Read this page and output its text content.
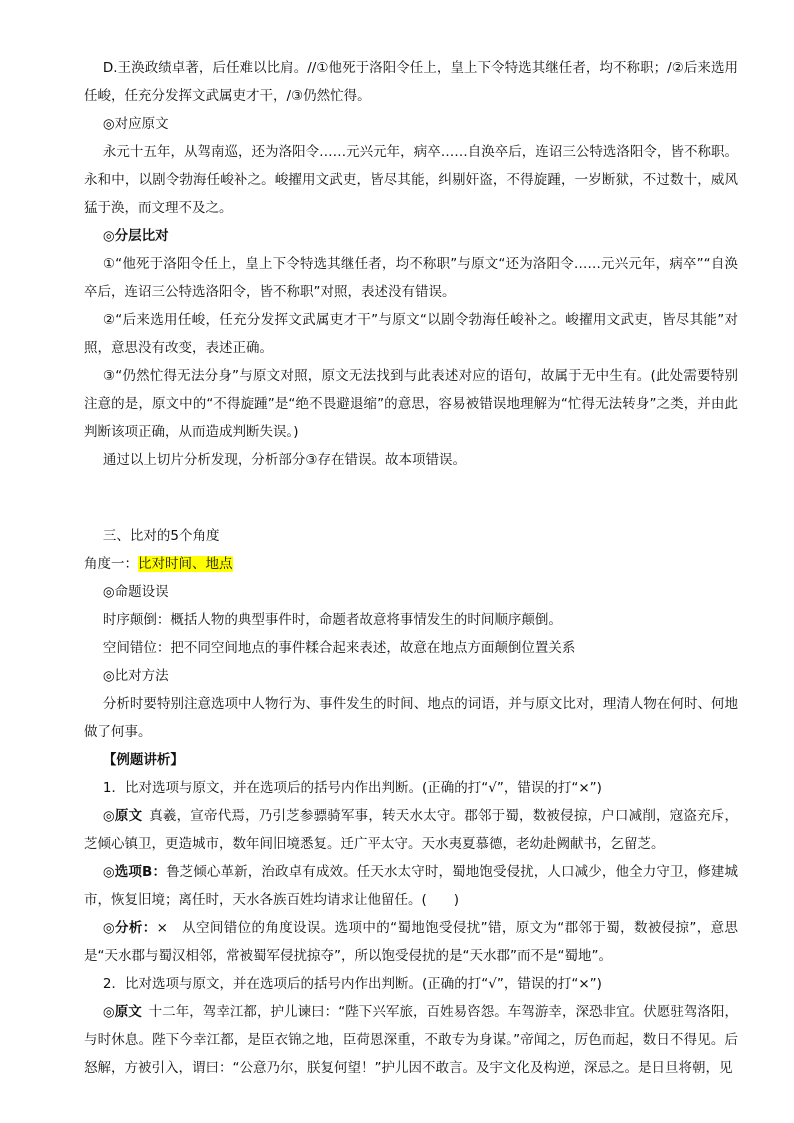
D.王涣政绩卓著，后任难以比肩。//①他死于洛阳令任上，皇上下令特选其继任者，均不称职；/②后来选用任峻，任充分发挥文武属吏才干，/③仍然忙得。

◎对应原文

永元十五年，从驾南巡，还为洛阳令……元兴元年，病卒……自涣卒后，连诏三公特选洛阳令，皆不称职。永和中，以剧令勃海任峻补之。峻擢用文武吏，皆尽其能，纠剔奸盗，不得旋踵，一岁断狱，不过数十，威风猛于涣，而文理不及之。

◎分层比对

①“他死于洛阳令任上，皇上下令特选其继任者，均不称职”与原文“还为洛阳令……元兴元年，病卒”“自涣卒后，连诏三公特选洛阳令，皆不称职”对照，表述没有错误。

②“后来选用任峻，任充分发挥文武属吏才干”与原文“以剧令勃海任峻补之。峻擢用文武吏，皆尽其能”对照，意思没有改变，表述正确。

③“仍然忙得无法分身”与原文对照，原文无法找到与此表述对应的语句，故属于无中生有。(此处需要特别注意的是，原文中的“不得旋踵”是“绝不畏避退缩”的意思，容易被错误地理解为“忙得无法转身”之类，并由此判断该项正确，从而造成判断失误。)

通过以上切片分析发现，分析部分③存在错误。故本项错误。

三、比对的5个角度

角度一：比对时间、地点

◎命题设误

时序颠倒：概括人物的典型事件时，命题者故意将事情发生的时间顺序颠倒。

空间错位：把不同空间地点的事件糅合起来表述，故意在地点方面颠倒位置关系

◎比对方法

分析时要特别注意选项中人物行为、事件发生的时间、地点的词语，并与原文比对，理清人物在何时、何地做了何事。

【例题讲析】

1．比对选项与原文，并在选项后的括号内作出判断。(正确的打“√”，错误的打“×”)

◎原文  真羲，宣帝代焉，乃引芝参骠骑军事，转天水太守。郡邻于蜀，数被侵掠，户口减削，寇盗充斥，芝倾心镇卫，更造城市，数年间旧境悉复。迁广平太守。天水夷夏慕德，老幼赴阙献书，乞留芝。

◎选项B：鲁芝倾心革新，治政卓有成效。任天水太守时，蜀地饱受侵扰，人口减少，他全力守卫，修建城市，恢复旧境；离任时，天水各族百姓均请求让他留任。(　　)

◎分析：×　从空间错位的角度设误。选项中的“蜀地饱受侵扰”错，原文为“郡邻于蜀，数被侵掠”，意思是“天水郡与蜀汉相邻，常被蜀军侵扰掠夺”，所以饱受侵扰的是“天水郡”而不是“蜀地”。

2．比对选项与原文，并在选项后的括号内作出判断。(正确的打“√”，错误的打“×”)

◎原文  十二年，驾幸江都，护儿谏曰：“陛下兴军旅，百姓易咨怨。车驾游幸，深恐非宜。伏愿驻驾洛阳，与时休息。陛下今幸江都，是臣衣锦之地，臣荷恩深重，不敢专为身谋。”帝闻之，厉色而起，数日不得见。后怒解，方被引入，谓曰：“公意乃尔，朕复何望！”护儿因不敢言。及宇文化及构逆，深忌之。是日旦将朝，见
